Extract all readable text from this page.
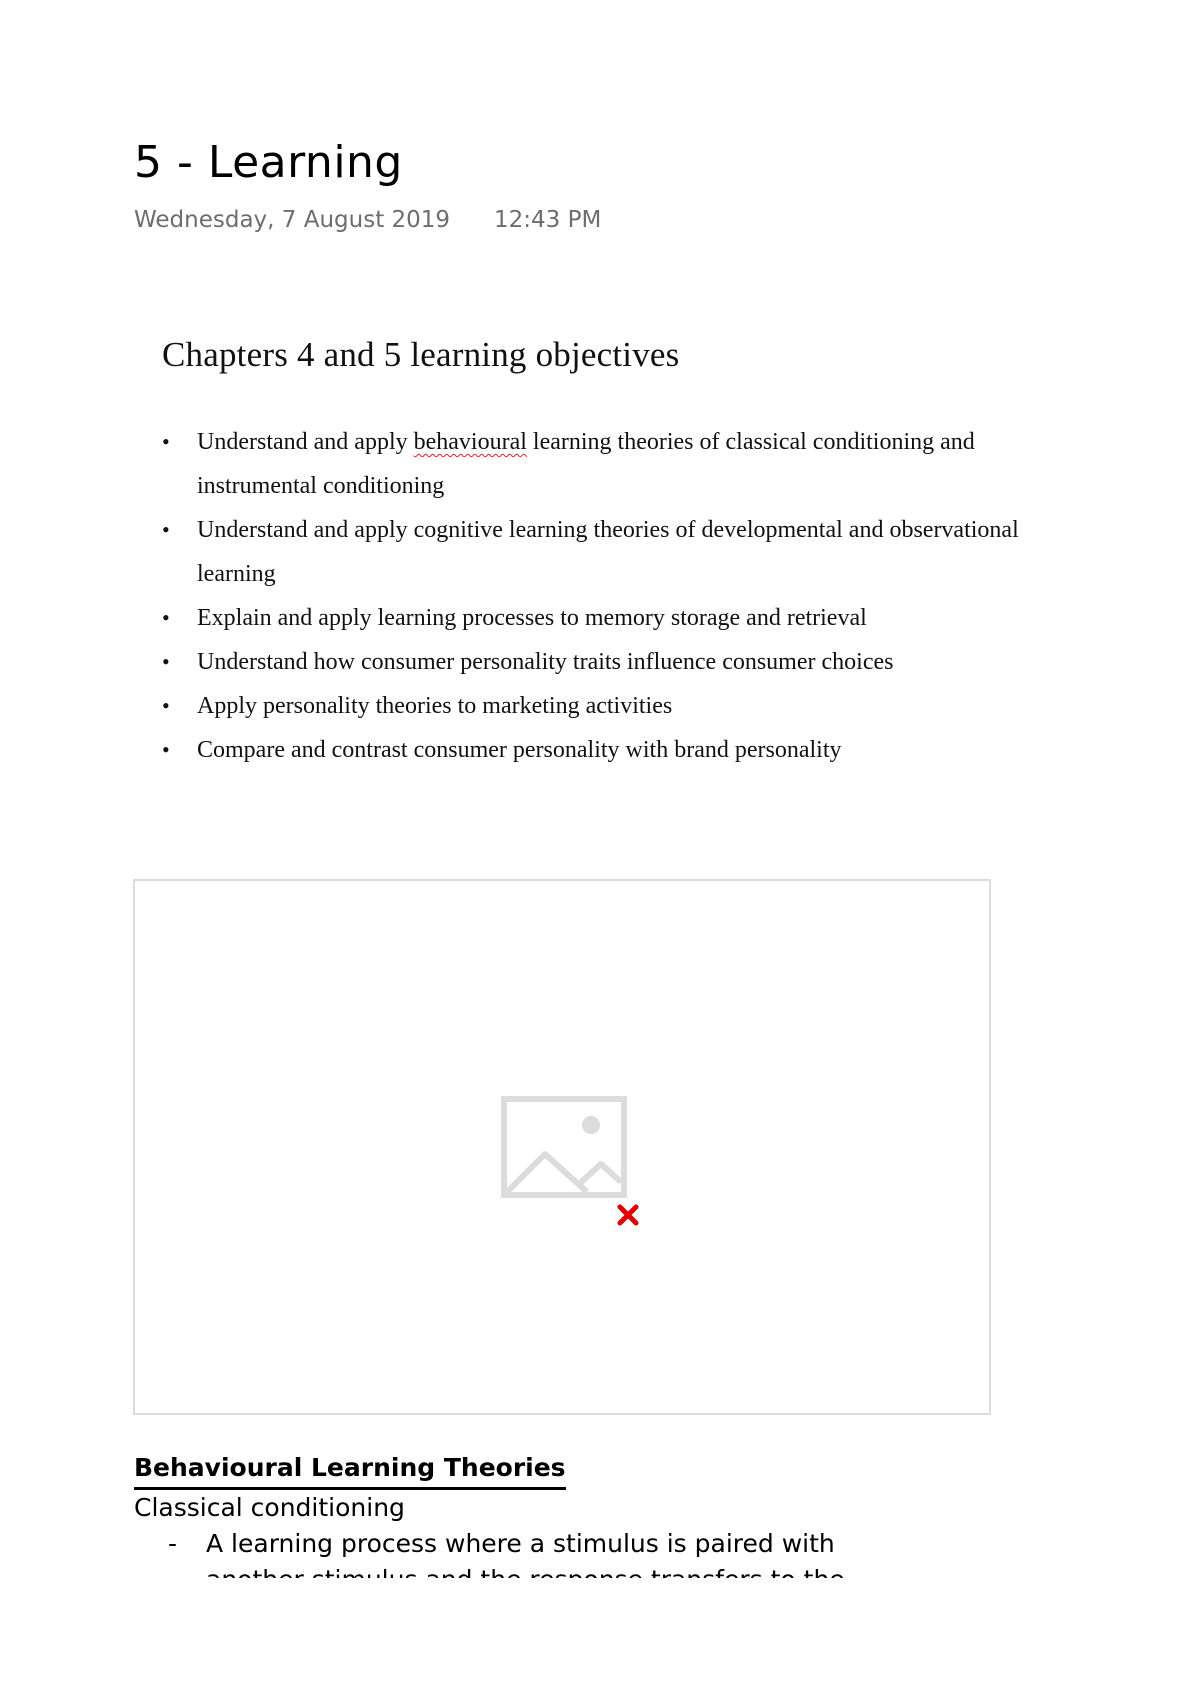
5 - Learning
Wednesday, 7 August 2019 12:43 PM
Chapters 4 and 5 learning objectives
• Understand and apply behavioural learning theories of classical conditioning and instrumental conditioning
• Understand and apply cognitive learning theories of developmental and observational learning
• Explain and apply learning processes to memory storage and retrieval
• Understand how consumer personality traits influence consumer choices
• Apply personality theories to marketing activities
• Compare and contrast consumer personality with brand personality
Behavioural Learning Theories
Classical conditioning
- A learning process where a stimulus is paired with
